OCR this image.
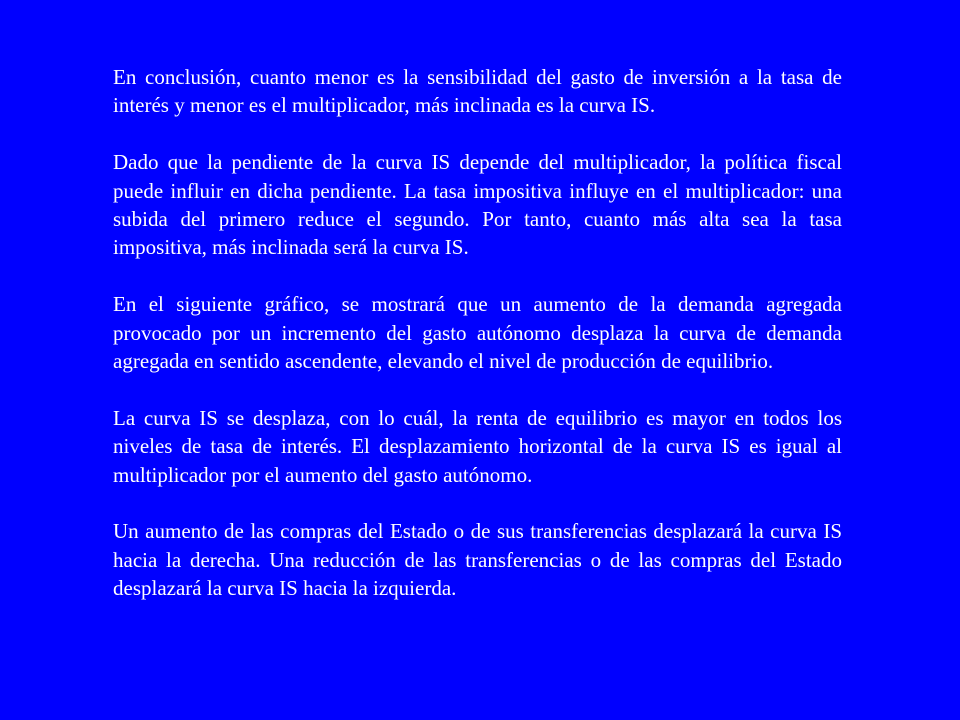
En conclusión, cuanto menor es la sensibilidad del gasto de inversión a la tasa de interés y menor es el multiplicador, más inclinada es la curva IS.

Dado que la pendiente de la curva IS depende del multiplicador, la política fiscal puede influir en dicha pendiente. La tasa impositiva influye en el multiplicador: una subida del primero reduce el segundo. Por tanto, cuanto más alta sea la tasa impositiva, más inclinada será la curva IS.

En el siguiente gráfico, se mostrará que un aumento de la demanda agregada provocado por un incremento del gasto autónomo desplaza la curva de demanda agregada en sentido ascendente, elevando el nivel de producción de equilibrio.

La curva IS se desplaza, con lo cuál, la renta de equilibrio es mayor en todos los niveles de tasa de interés. El desplazamiento horizontal de la curva IS es igual al multiplicador por el aumento del gasto autónomo.

Un aumento de las compras del Estado o de sus transferencias desplazará la curva IS hacia la derecha. Una reducción de las transferencias o de las compras del Estado desplazará la curva IS hacia la izquierda.
